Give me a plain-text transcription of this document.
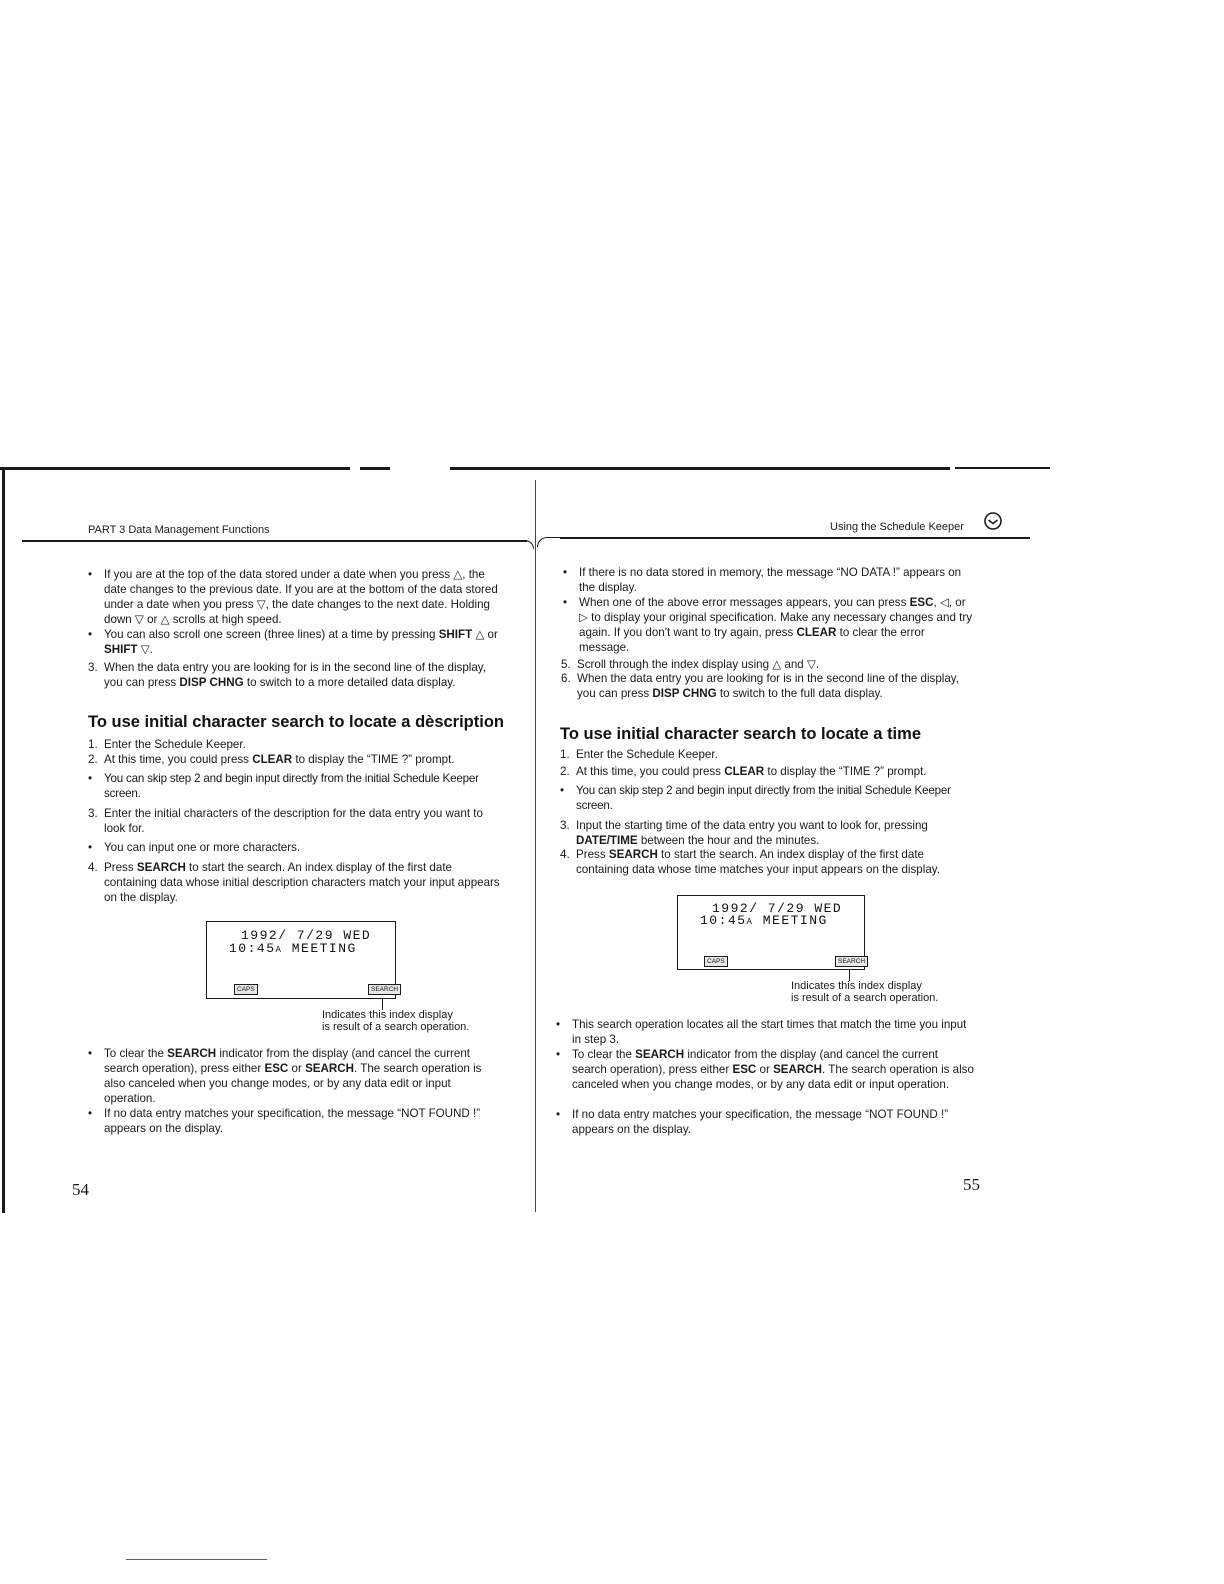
PART 3 Data Management Functions
• If you are at the top of the data stored under a date when you press △, the date changes to the previous date. If you are at the bottom of the data stored under a date when you press ▽, the date changes to the next date. Holding down ▽ or △ scrolls at high speed.
• You can also scroll one screen (three lines) at a time by pressing SHIFT △ or SHIFT ▽.
3. When the data entry you are looking for is in the second line of the display, you can press DISP CHNG to switch to a more detailed data display.
To use initial character search to locate a dèscription
1. Enter the Schedule Keeper.
2. At this time, you could press CLEAR to display the “TIME ?” prompt.
• You can skip step 2 and begin input directly from the initial Schedule Keeper screen.
3. Enter the initial characters of the description for the data entry you want to look for.
• You can input one or more characters.
4. Press SEARCH to start the search. An index display of the first date containing data whose initial description characters match your input appears on the display.
1992/ 7/29 WED
10:45A MEETING
CAPS	SEARCH
Indicates this index display
is result of a search operation.
• To clear the SEARCH indicator from the display (and cancel the current search operation), press either ESC or SEARCH. The search operation is also canceled when you change modes, or by any data edit or input operation.
• If no data entry matches your specification, the message “NOT FOUND !” appears on the display.
54
Using the Schedule Keeper
• If there is no data stored in memory, the message “NO DATA !” appears on the display.
• When one of the above error messages appears, you can press ESC, ◁, or ▷ to display your original specification. Make any necessary changes and try again. If you don't want to try again, press CLEAR to clear the error message.
5. Scroll through the index display using △ and ▽.
6. When the data entry you are looking for is in the second line of the display, you can press DISP CHNG to switch to the full data display.
To use initial character search to locate a time
1. Enter the Schedule Keeper.
2. At this time, you could press CLEAR to display the “TIME ?” prompt.
• You can skip step 2 and begin input directly from the initial Schedule Keeper screen.
3. Input the starting time of the data entry you want to look for, pressing DATE/TIME between the hour and the minutes.
4. Press SEARCH to start the search. An index display of the first date containing data whose time matches your input appears on the display.
1992/ 7/29 WED
10:45A MEETING
CAPS	SEARCH
Indicates this index display
is result of a search operation.
• This search operation locates all the start times that match the time you input in step 3.
• To clear the SEARCH indicator from the display (and cancel the current search operation), press either ESC or SEARCH. The search operation is also canceled when you change modes, or by any data edit or input operation.
• If no data entry matches your specification, the message “NOT FOUND !” appears on the display.
55
